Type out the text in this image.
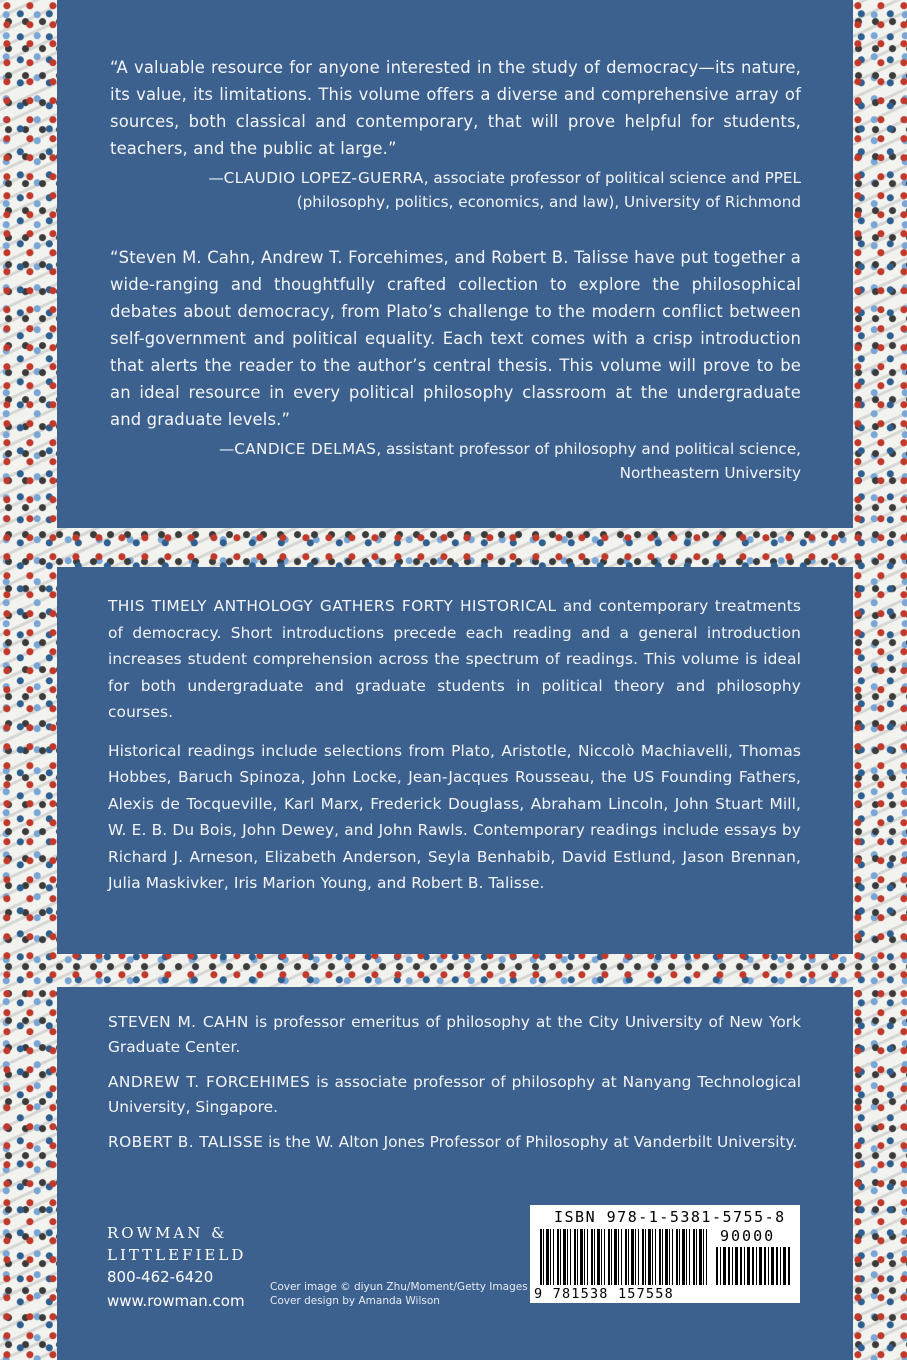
“A valuable resource for anyone interested in the study of democracy—its nature, its value, its limitations. This volume offers a diverse and comprehensive array of sources, both classical and contemporary, that will prove helpful for students, teachers, and the public at large.”

—CLAUDIO LOPEZ-GUERRA, associate professor of political science and PPEL
(philosophy, politics, economics, and law), University of Richmond

“Steven M. Cahn, Andrew T. Forcehimes, and Robert B. Talisse have put together a wide-ranging and thoughtfully crafted collection to explore the philosophical debates about democracy, from Plato’s challenge to the modern conflict between self-government and political equality. Each text comes with a crisp introduction that alerts the reader to the author’s central thesis. This volume will prove to be an ideal resource in every political philosophy classroom at the undergraduate and graduate levels.”

—CANDICE DELMAS, assistant professor of philosophy and political science,
Northeastern University

THIS TIMELY ANTHOLOGY GATHERS FORTY HISTORICAL and contemporary treatments of democracy. Short introductions precede each reading and a general introduction increases student comprehension across the spectrum of readings. This volume is ideal for both undergraduate and graduate students in political theory and philosophy courses.

Historical readings include selections from Plato, Aristotle, Niccolò Machiavelli, Thomas Hobbes, Baruch Spinoza, John Locke, Jean-Jacques Rousseau, the US Founding Fathers, Alexis de Tocqueville, Karl Marx, Frederick Douglass, Abraham Lincoln, John Stuart Mill, W. E. B. Du Bois, John Dewey, and John Rawls. Contemporary readings include essays by Richard J. Arneson, Elizabeth Anderson, Seyla Benhabib, David Estlund, Jason Brennan, Julia Maskivker, Iris Marion Young, and Robert B. Talisse.

STEVEN M. CAHN is professor emeritus of philosophy at the City University of New York Graduate Center.

ANDREW T. FORCEHIMES is associate professor of philosophy at Nanyang Technological University, Singapore.

ROBERT B. TALISSE is the W. Alton Jones Professor of Philosophy at Vanderbilt University.

ROWMAN &
LITTLEFIELD
800-462-6420
www.rowman.com
Cover image © diyun Zhu/Moment/Getty Images
Cover design by Amanda Wilson
ISBN 978-1-5381-5755-8
90000
9 781538 157558
